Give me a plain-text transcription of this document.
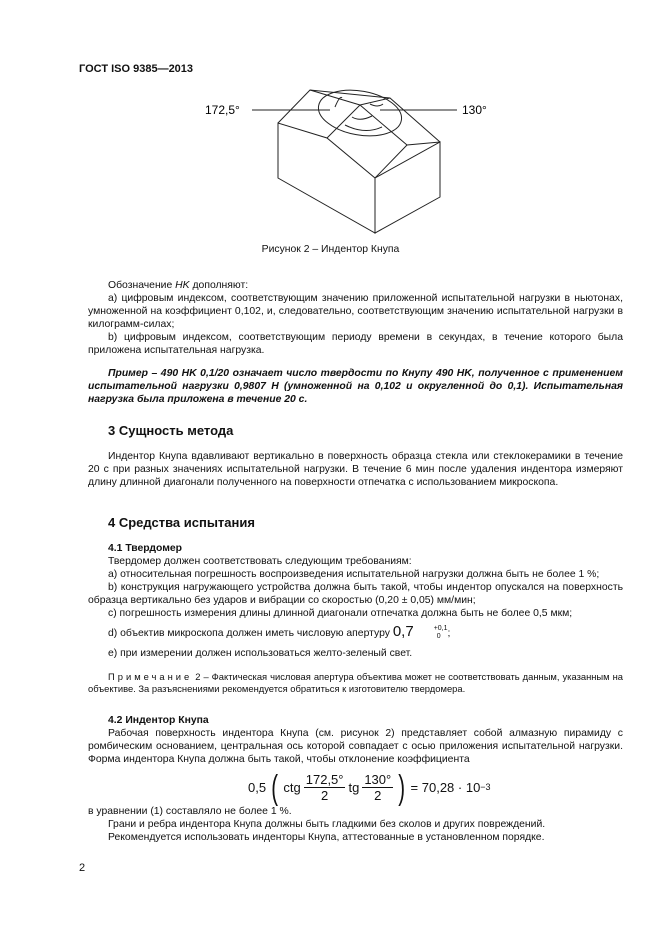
ГОСТ ISO 9385—2013
172,5°	130°
Рисунок 2 – Индентор Кнупа

Обозначение HK дополняют:

а) цифровым индексом, соответствующим значению приложенной испытательной нагрузки в ньютонах, умноженной на коэффициент 0,102, и, следовательно, соответствующим значению испытательной нагрузки в килограмм-силах;

b) цифровым индексом, соответствующим периоду времени в секундах, в течение которого была приложена испытательная нагрузка.

Пример – 490 HK 0,1/20 означает число твердости по Кнупу 490 HK, полученное с применением испытательной нагрузки 0,9807 Н (умноженной на 0,102 и округленной до 0,1). Испытательная нагрузка была приложена в течение 20 с.

3 Сущность метода
Индентор Кнупа вдавливают вертикально в поверхность образца стекла или стеклокерамики в течение 20 с при разных значениях испытательной нагрузки. В течение 6 мин после удаления индентора измеряют длину длинной диагонали полученного на поверхности отпечатка с использованием микроскопа.
4 Средства испытания
4.1 Твердомер

Твердомер должен соответствовать следующим требованиям:

а) относительная погрешность воспроизведения испытательной нагрузки должна быть не более 1 %;

b) конструкция нагружающего устройства должна быть такой, чтобы индентор опускался на поверхность образца вертикально без ударов и вибрации со скоростью (0,20 ± 0,05) мм/мин;

с) погрешность измерения длины длинной диагонали отпечатка должна быть не более 0,5 мкм;

d) объектив микроскопа должен иметь числовую апертуру 0,7	+0,1
0 ;

е) при измерении должен использоваться желто-зеленый свет.

Примечание 2 – Фактическая числовая апертура объектива может не соответствовать данным, указанным на объективе. За разъяснениями рекомендуется обратиться к изготовителю твердомера.

4.2 Индентор Кнупа
Рабочая поверхность индентора Кнупа (см. рисунок 2) представляет собой алмазную пирамиду с ромбическим основанием, центральная ось которой совпадает с осью приложения испытательной нагрузки. Форма индентора Кнупа должна быть такой, чтобы отклонение коэффициента
0,5 ( ctg $\frac{172,5^\circ}{2}$ tg $\frac{130^\circ}{2}$ ) = 70,28 · 10 −3

в уравнении (1) составляло не более 1 %.

Грани и ребра индентора Кнупа должны быть гладкими без сколов и других повреждений.

Рекомендуется использовать инденторы Кнупа, аттестованные в установленном порядке.

2
